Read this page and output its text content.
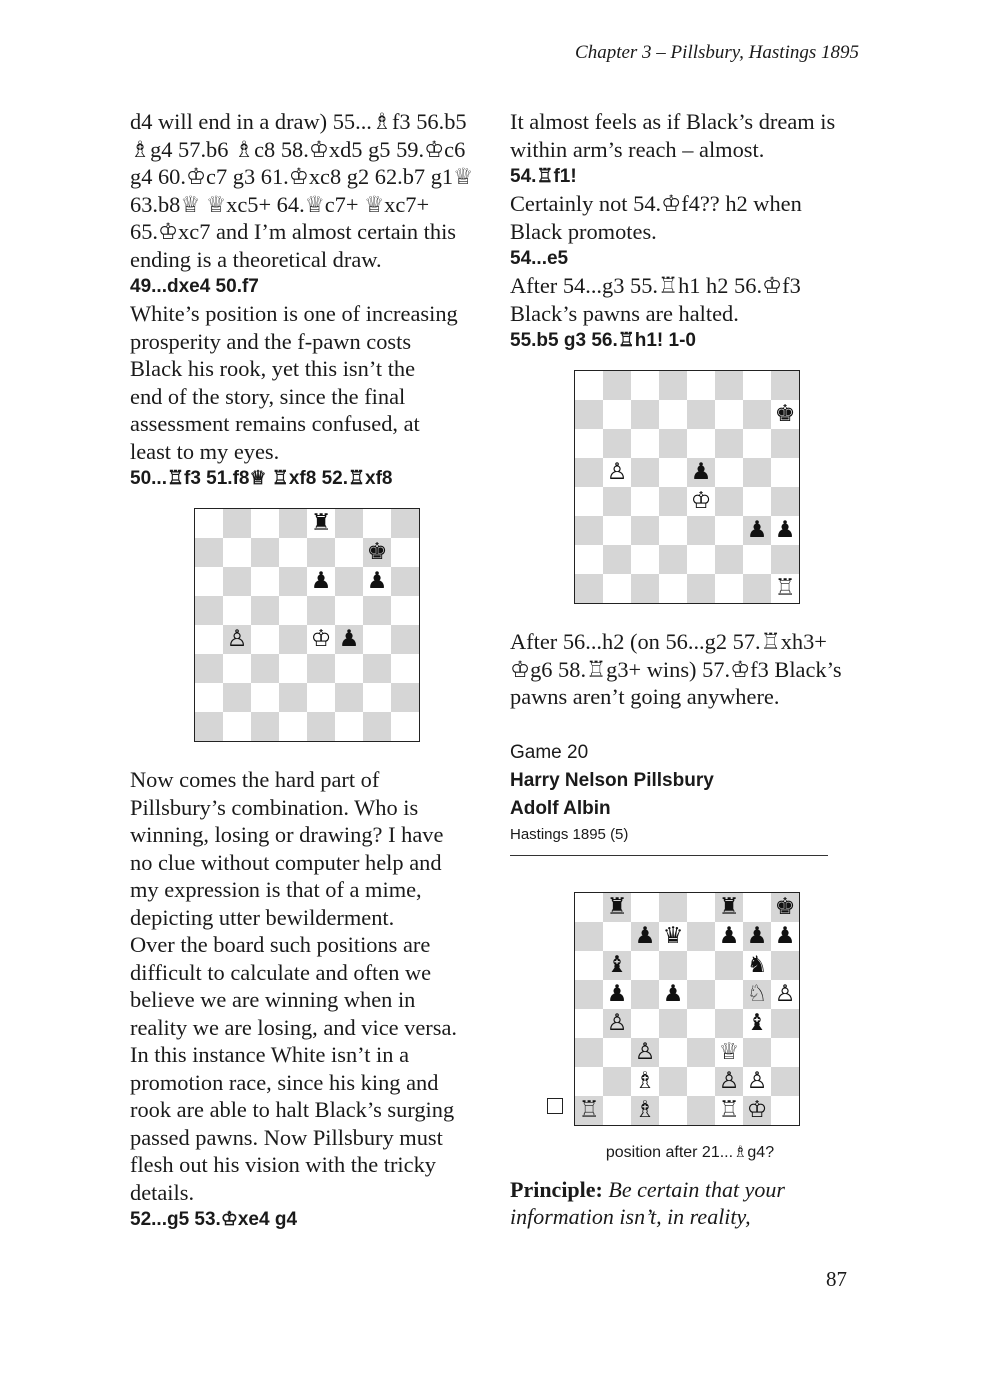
Chapter 3 – Pillsbury, Hastings 1895

d4 will end in a draw) 55...♗f3 56.b5
♗g4 57.b6 ♗c8 58.♔xd5 g5 59.♔c6
g4 60.♔c7 g3 61.♔xc8 g2 62.b7 g1♕
63.b8♕ ♕xc5+ 64.♕c7+ ♕xc7+
65.♔xc7 and I’m almost certain this
ending is a theoretical draw.

49...dxe4 50.f7

White’s position is one of increasing
prosperity and the f-pawn costs
Black his rook, yet this isn’t the
end of the story, since the final
assessment remains confused, at
least to my eyes.

50...♖f3 51.f8♕ ♖xf8 52.♖xf8

♜
♚
♟ ♟
♙	♔ ♟

Now comes the hard part of
Pillsbury’s combination. Who is
winning, losing or drawing? I have
no clue without computer help and
my expression is that of a mime,
depicting utter bewilderment.
Over the board such positions are
difficult to calculate and often we
believe we are winning when in
reality we are losing, and vice versa.
In this instance White isn’t in a
promotion race, since his king and
rook are able to halt Black’s surging
passed pawns. Now Pillsbury must
flesh out his vision with the tricky
details.

52...g5 53.♔xe4 g4

It almost feels as if Black’s dream is
within arm’s reach – almost.

54.♖f1!

Certainly not 54.♔f4?? h2 when
Black promotes.

54...e5

After 54...g3 55.♖h1 h2 56.♔f3
Black’s pawns are halted.

55.b5 g3 56.♖h1! 1-0

♚
♙	♟
♔
♟ ♟
♖

After 56...h2 (on 56...g2 57.♖xh3+
♔g6 58.♖g3+ wins) 57.♔f3 Black’s
pawns aren’t going anywhere.

Game 20

Harry Nelson Pillsbury

Adolf Albin

Hastings 1895 (5)

♜	♜ ♚
♟ ♛ ♟ ♟ ♟
♝	♞
♟ ♟	♘ ♙
♙	♝
♙	♕
♗	♙ ♙
♖ ♗	♖ ♔
position after 21...♗g4?

Principle: Be certain that your
information isn’t, in reality,

87
